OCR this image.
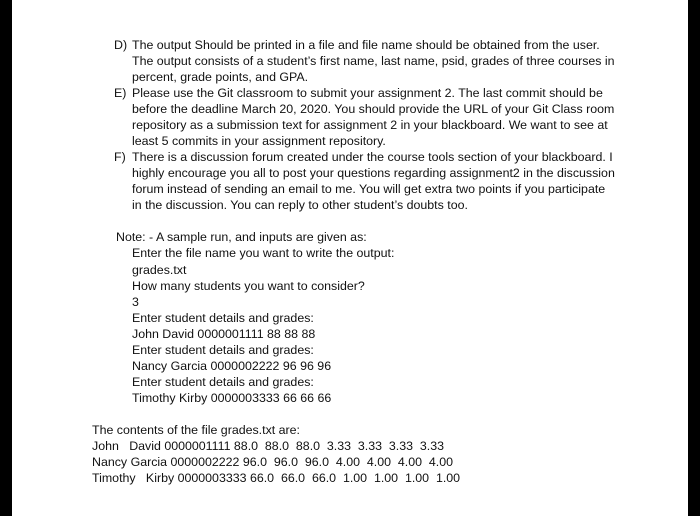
D) The output Should be printed in a file and file name should be obtained from the user.
The output consists of a student’s first name, last name, psid, grades of three courses in
percent, grade points, and GPA.
E) Please use the Git classroom to submit your assignment 2. The last commit should be
before the deadline March 20, 2020. You should provide the URL of your Git Class room
repository as a submission text for assignment 2 in your blackboard. We want to see at
least 5 commits in your assignment repository.
F) There is a discussion forum created under the course tools section of your blackboard. I
highly encourage you all to post your questions regarding assignment2 in the discussion
forum instead of sending an email to me. You will get extra two points if you participate
in the discussion. You can reply to other student’s doubts too.
Note: - A sample run, and inputs are given as:
Enter the file name you want to write the output:
grades.txt
How many students you want to consider?
3
Enter student details and grades:
John David 0000001111 88 88 88
Enter student details and grades:
Nancy Garcia 0000002222 96 96 96
Enter student details and grades:
Timothy Kirby 0000003333 66 66 66
The contents of the file grades.txt are:
John   David 0000001111 88.0  88.0  88.0  3.33  3.33  3.33  3.33
Nancy Garcia 0000002222 96.0  96.0  96.0  4.00  4.00  4.00  4.00
Timothy   Kirby 0000003333 66.0  66.0  66.0  1.00  1.00  1.00  1.00
